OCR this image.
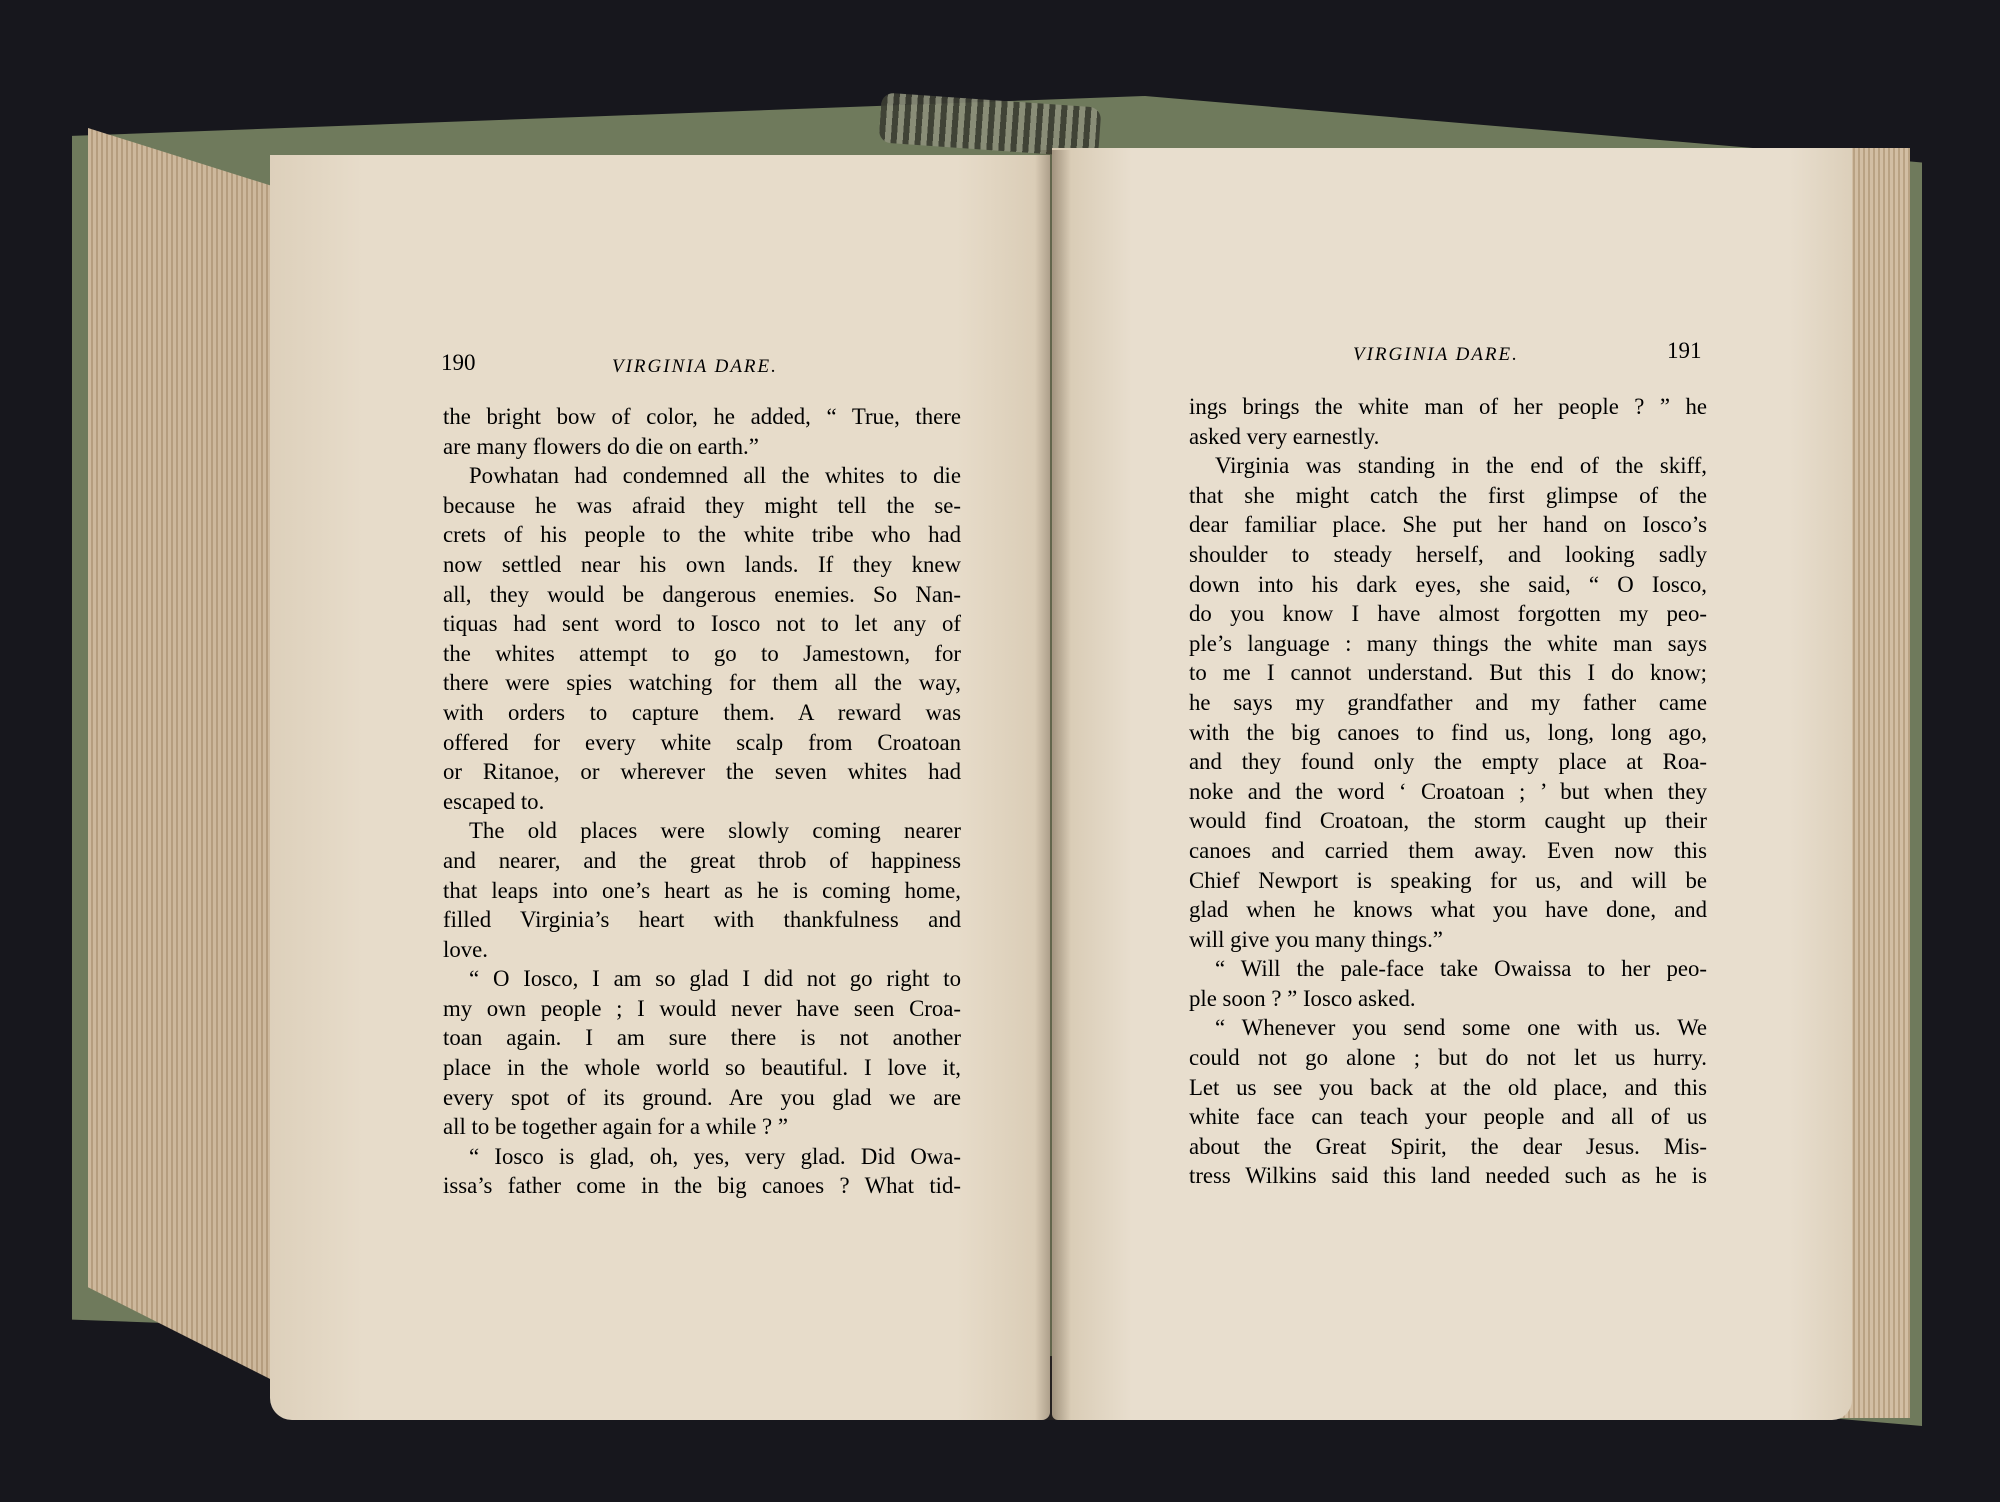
190	VIRGINIA DARE.
VIRGINIA DARE.	191
the bright bow of color, he added, “ True, there
are many flowers do die on earth.”
Powhatan had condemned all the whites to die
because he was afraid they might tell the se-
crets of his people to the white tribe who had
now settled near his own lands. If they knew
all, they would be dangerous enemies. So Nan-
tiquas had sent word to Iosco not to let any of
the whites attempt to go to Jamestown, for
there were spies watching for them all the way,
with orders to capture them. A reward was
offered for every white scalp from Croatoan
or Ritanoe, or wherever the seven whites had
escaped to.
The old places were slowly coming nearer
and nearer, and the great throb of happiness
that leaps into one’s heart as he is coming home,
filled Virginia’s heart with thankfulness and
love.
“ O Iosco, I am so glad I did not go right to
my own people ; I would never have seen Croa-
toan again. I am sure there is not another
place in the whole world so beautiful. I love it,
every spot of its ground. Are you glad we are
all to be together again for a while ? ”
“ Iosco is glad, oh, yes, very glad. Did Owa-
issa’s father come in the big canoes ? What tid-
ings brings the white man of her people ? ” he
asked very earnestly.
Virginia was standing in the end of the skiff,
that she might catch the first glimpse of the
dear familiar place. She put her hand on Iosco’s
shoulder to steady herself, and looking sadly
down into his dark eyes, she said, “ O Iosco,
do you know I have almost forgotten my peo-
ple’s language : many things the white man says
to me I cannot understand. But this I do know;
he says my grandfather and my father came
with the big canoes to find us, long, long ago,
and they found only the empty place at Roa-
noke and the word ‘ Croatoan ; ’ but when they
would find Croatoan, the storm caught up their
canoes and carried them away. Even now this
Chief Newport is speaking for us, and will be
glad when he knows what you have done, and
will give you many things.”
“ Will the pale-face take Owaissa to her peo-
ple soon ? ” Iosco asked.
“ Whenever you send some one with us. We
could not go alone ; but do not let us hurry.
Let us see you back at the old place, and this
white face can teach your people and all of us
about the Great Spirit, the dear Jesus. Mis-
tress Wilkins said this land needed such as he is
